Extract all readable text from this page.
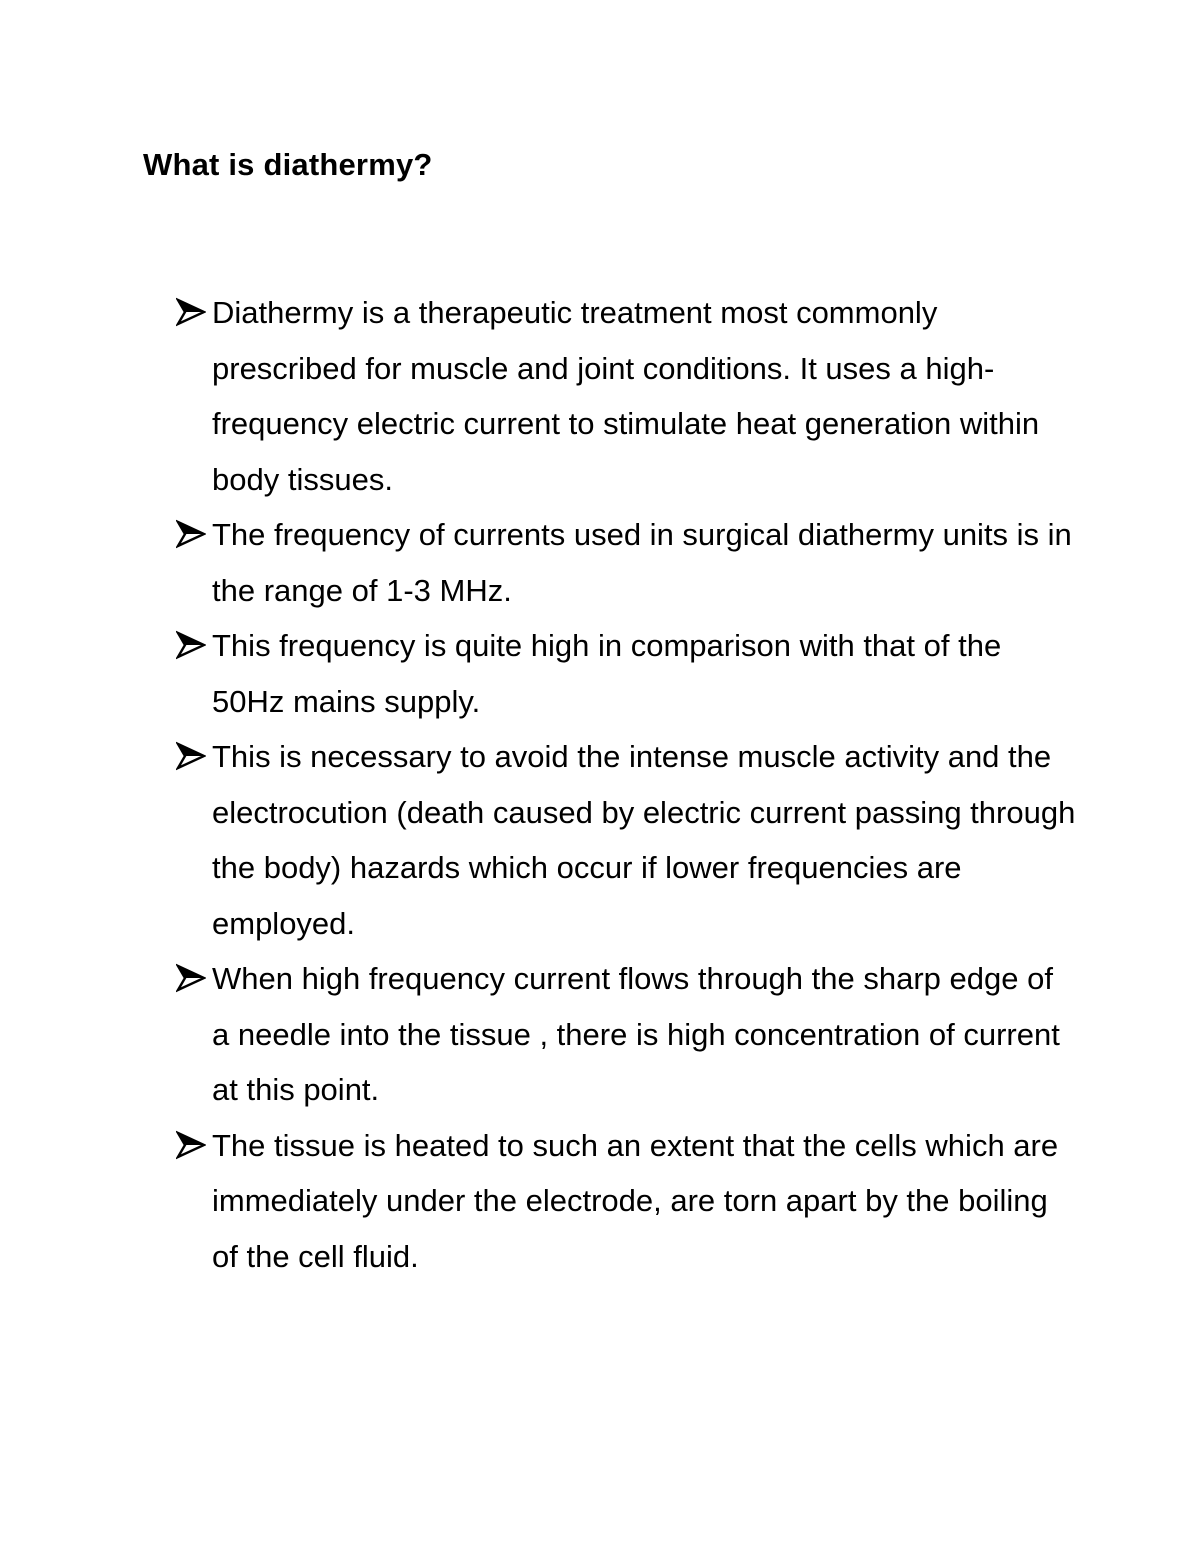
What is diathermy?
Diathermy is a therapeutic treatment most commonly prescribed for muscle and joint conditions. It uses a high-frequency electric current to stimulate heat generation within body tissues.
The frequency of currents used in surgical diathermy units is in the range of 1-3 MHz.
This frequency is quite high in comparison with that of the 50Hz mains supply.
This is necessary to avoid the intense muscle activity and the electrocution (death caused by electric current passing through the body) hazards which occur if lower frequencies are employed.
When high frequency current flows through the sharp edge of a needle into the tissue , there is high concentration of current at this point.
The tissue is heated to such an extent that the cells which are immediately under the electrode, are torn apart by the boiling of the cell fluid.
